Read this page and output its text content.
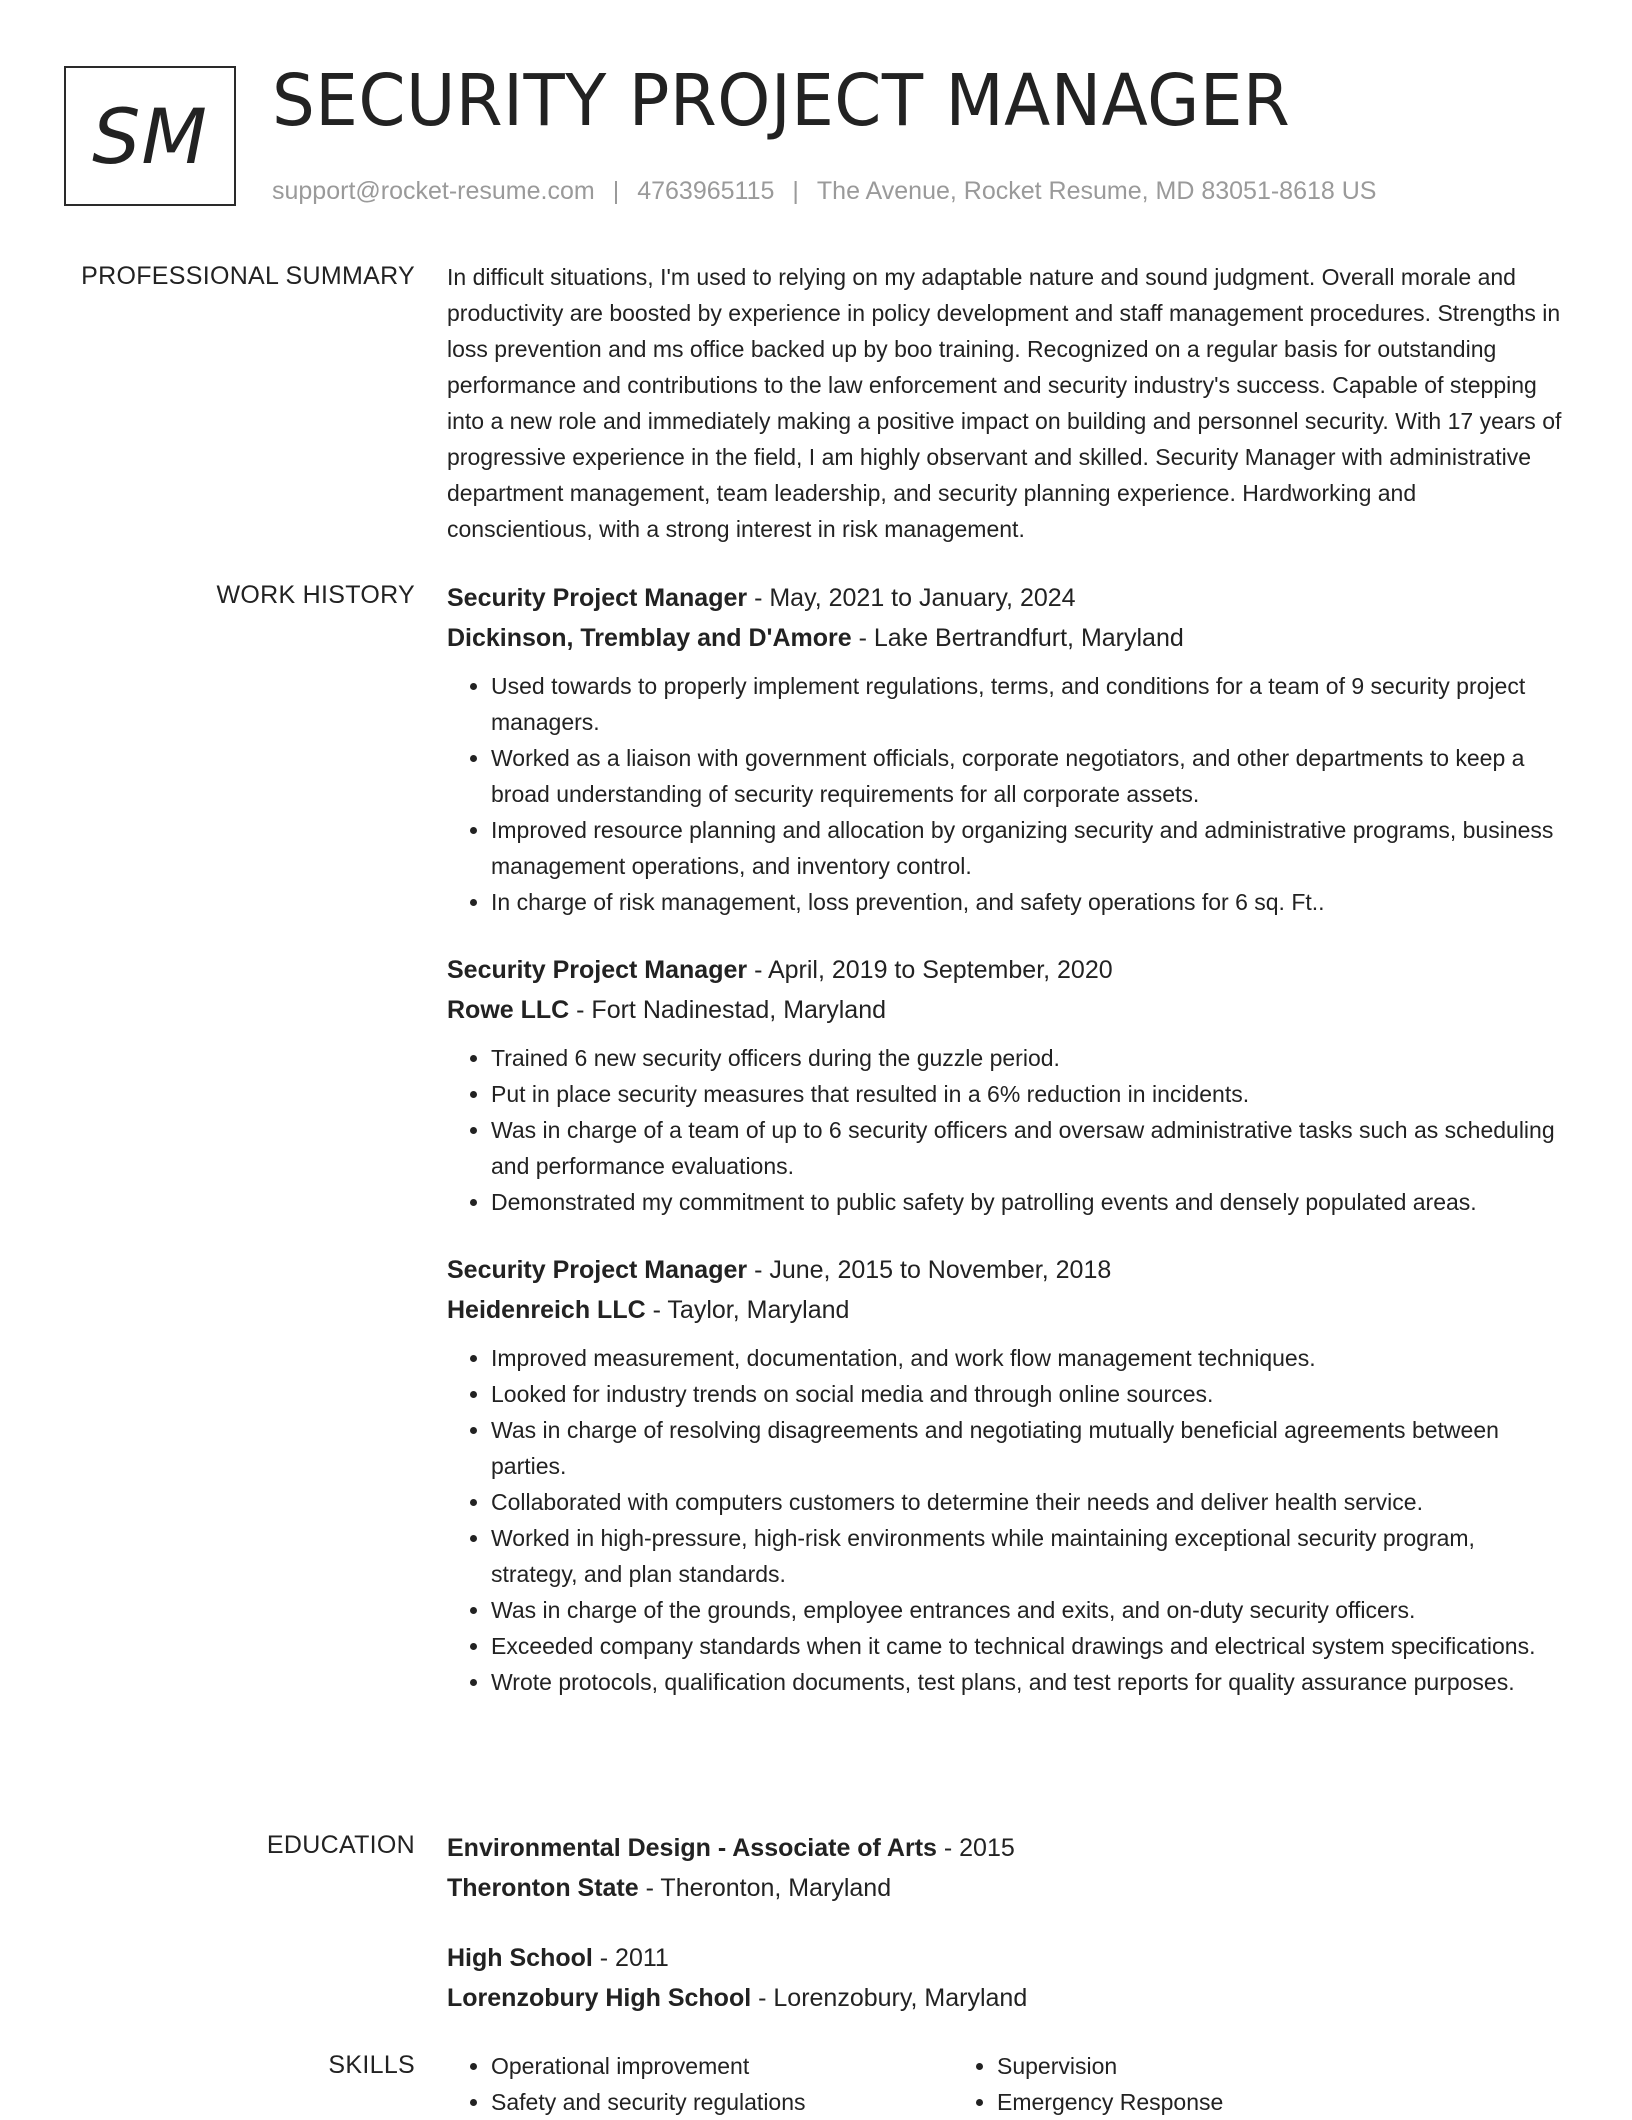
SM SECURITY PROJECT MANAGER
support@rocket-resume.com | 4763965115 | The Avenue, Rocket Resume, MD 83051-8618 US
PROFESSIONAL SUMMARY In difficult situations, I'm used to relying on my adaptable nature and sound judgment. Overall morale and productivity are boosted by experience in policy development and staff management procedures. Strengths in loss prevention and ms office backed up by boo training. Recognized on a regular basis for outstanding performance and contributions to the law enforcement and security industry's success. Capable of stepping into a new role and immediately making a positive impact on building and personnel security. With 17 years of progressive experience in the field, I am highly observant and skilled. Security Manager with administrative department management, team leadership, and security planning experience. Hardworking and conscientious, with a strong interest in risk management.

WORK HISTORY Security Project Manager - May, 2021 to January, 2024
Dickinson, Tremblay and D'Amore - Lake Bertrandfurt, Maryland
• Used towards to properly implement regulations, terms, and conditions for a team of 9 security project managers.
• Worked as a liaison with government officials, corporate negotiators, and other departments to keep a broad understanding of security requirements for all corporate assets.
• Improved resource planning and allocation by organizing security and administrative programs, business management operations, and inventory control.
• In charge of risk management, loss prevention, and safety operations for 6 sq. Ft..
Security Project Manager - April, 2019 to September, 2020
Rowe LLC - Fort Nadinestad, Maryland
• Trained 6 new security officers during the guzzle period.
• Put in place security measures that resulted in a 6% reduction in incidents.
• Was in charge of a team of up to 6 security officers and oversaw administrative tasks such as scheduling and performance evaluations.
• Demonstrated my commitment to public safety by patrolling events and densely populated areas.
Security Project Manager - June, 2015 to November, 2018
Heidenreich LLC - Taylor, Maryland
• Improved measurement, documentation, and work flow management techniques.
• Looked for industry trends on social media and through online sources.
• Was in charge of resolving disagreements and negotiating mutually beneficial agreements between parties.
• Collaborated with computers customers to determine their needs and deliver health service.
• Worked in high-pressure, high-risk environments while maintaining exceptional security program, strategy, and plan standards.
• Was in charge of the grounds, employee entrances and exits, and on-duty security officers.
• Exceeded company standards when it came to technical drawings and electrical system specifications.
• Wrote protocols, qualification documents, test plans, and test reports for quality assurance purposes.
EDUCATION Environmental Design - Associate of Arts - 2015
Theronton State - Theronton, Maryland
High School - 2011
Lorenzobury High School - Lorenzobury, Maryland
SKILLS
•	Operational improvement
• Safety and security regulations
• Supervision
• Emergency Response
